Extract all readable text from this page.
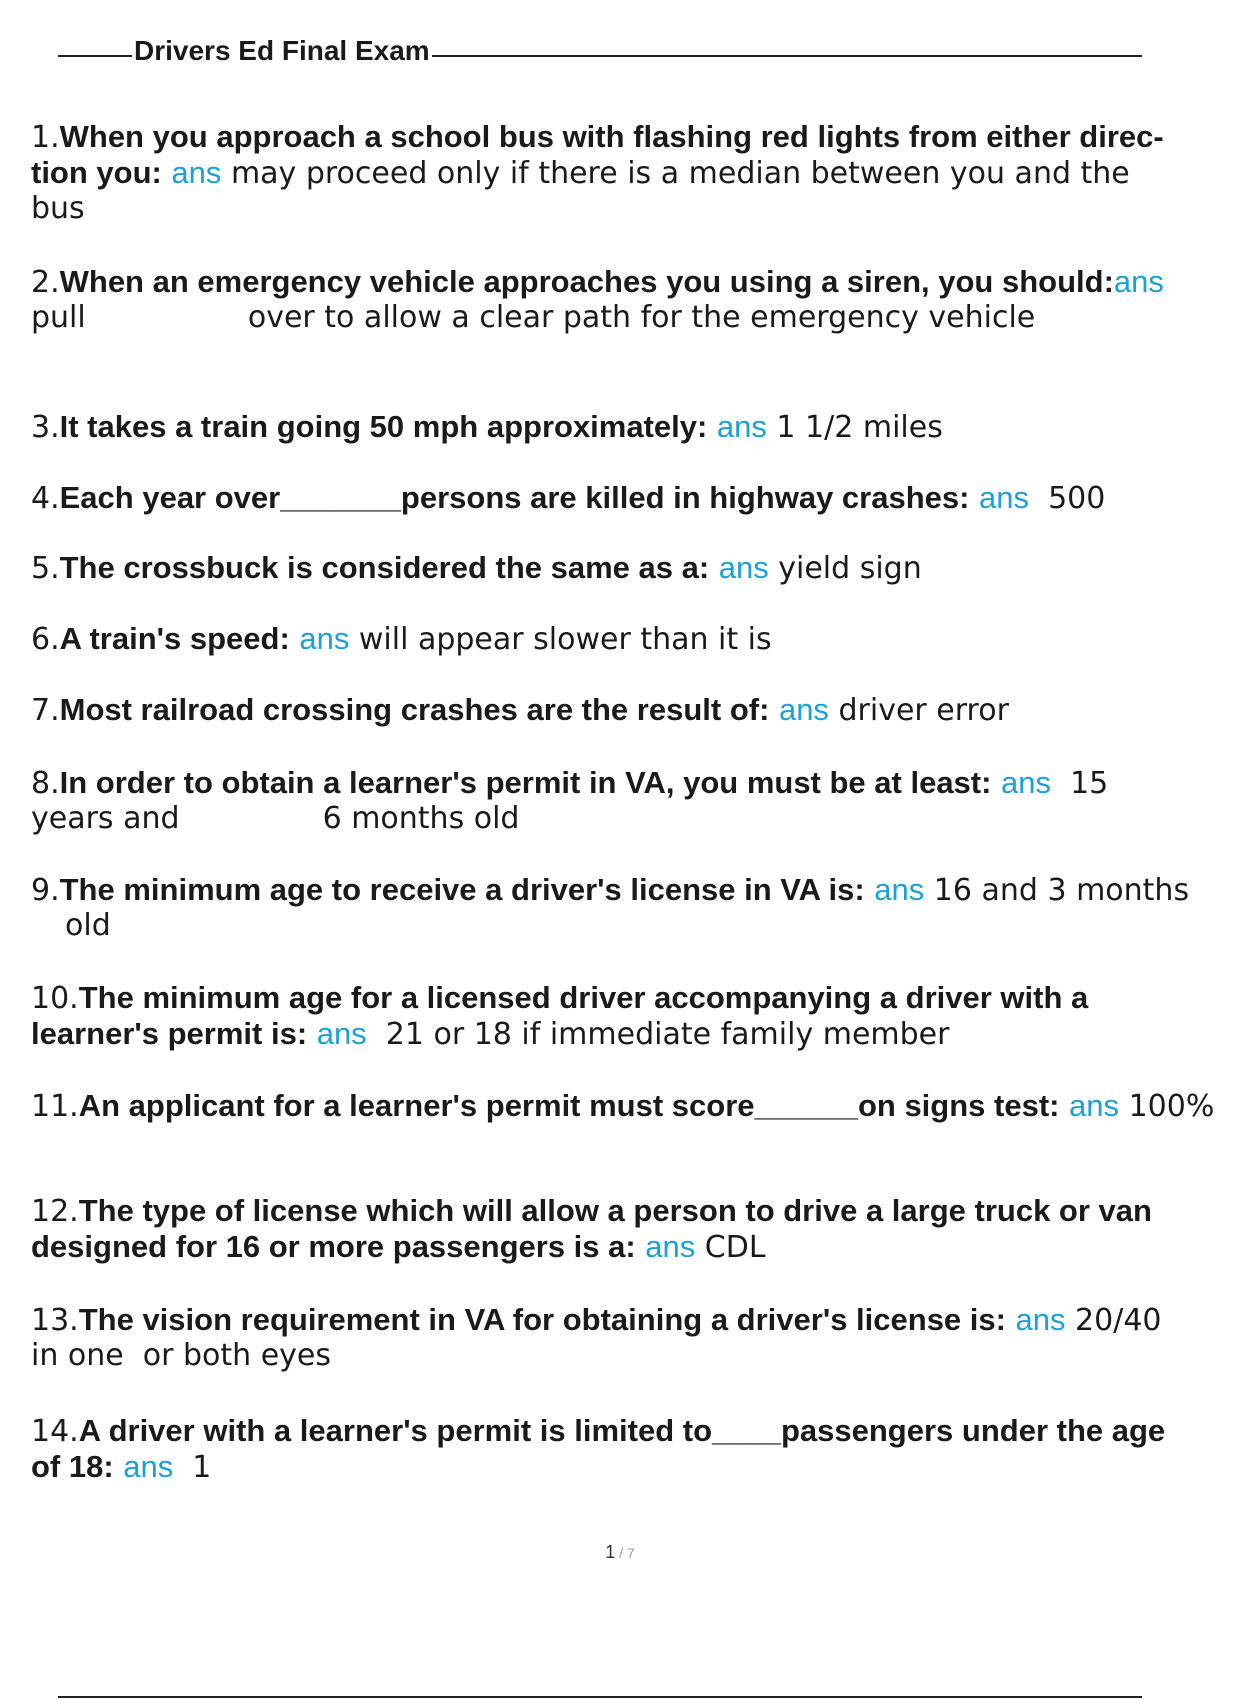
Drivers Ed Final Exam
1.When you approach a school bus with flashing red lights from either direc- tion you: ans may proceed only if there is a median between you and the bus
2.When an emergency vehicle approaches you using a siren, you should:ans pull                 over to allow a clear path for the emergency vehicle
3.It takes a train going 50 mph approximately: ans 1 1/2 miles
4.Each year over_______persons are killed in highway crashes: ans  500
5.The crossbuck is considered the same as a: ans yield sign
6.A train's speed: ans will appear slower than it is
7.Most railroad crossing crashes are the result of: ans driver error
8.In order to obtain a learner's permit in VA, you must be at least: ans  15 years and               6 months old
9.The minimum age to receive a driver's license in VA is: ans 16 and 3 months old
10.The minimum age for a licensed driver accompanying a driver with a learner's permit is: ans  21 or 18 if immediate family member
11.An applicant for a learner's permit must score______on signs test: ans 100%
12.The type of license which will allow a person to drive a large truck or van designed for 16 or more passengers is a: ans CDL
13.The vision requirement in VA for obtaining a driver's license is: ans 20/40 in one  or both eyes
14.A driver with a learner's permit is limited to____passengers under the age of 18: ans  1
1 / 7
